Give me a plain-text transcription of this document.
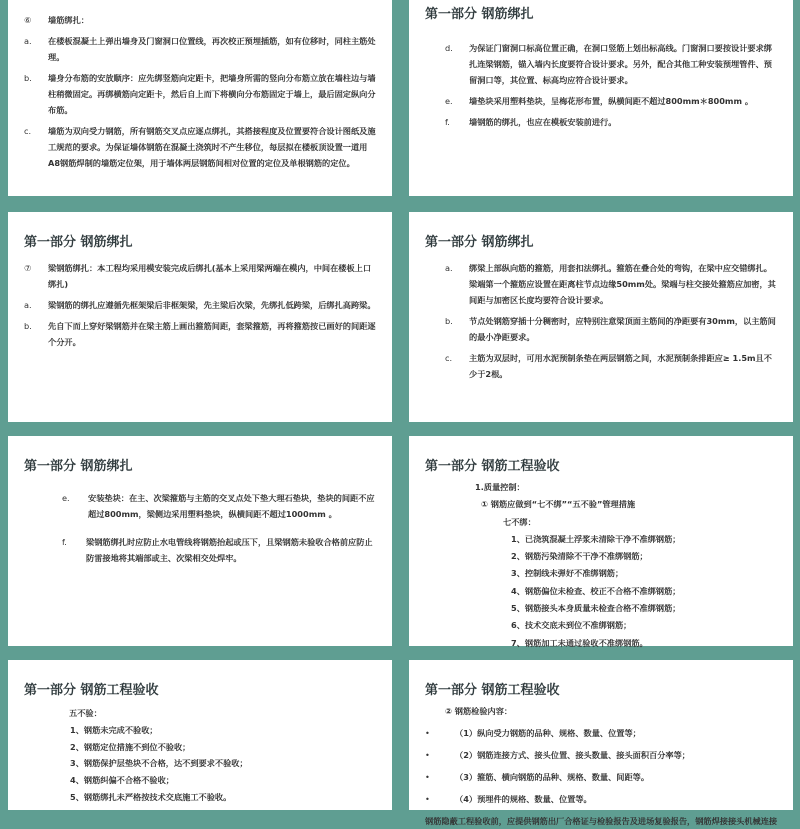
⑥	墙筋绑扎：
a.	在楼板混凝土上弹出墙身及门窗洞口位置线，再次校正预埋插筋，如有位移时，同柱主筋处理。
b.	墙身分布筋的安放顺序：应先绑竖筋向定距卡，把墙身所需的竖向分布筋立放在墙柱边与墙柱稍微固定。再绑横筋向定距卡，然后自上而下将横向分布筋固定于墙上，最后固定纵向分布筋。
c.	墙筋为双向受力钢筋，所有钢筋交叉点应逐点绑扎，其搭接程度及位置要符合设计图纸及施工规范的要求。为保证墙体钢筋在混凝土浇筑时不产生移位，每层拟在楼板顶设置一道用A8钢筋焊制的墙筋定位架，用于墙体两层钢筋间相对位置的定位及单根钢筋的定位。
第一部分 钢筋绑扎
d.	为保证门窗洞口标高位置正确，在洞口竖筋上划出标高线。门窗洞口要按设计要求绑扎连梁钢筋，锚入墙内长度要符合设计要求。另外，配合其他工种安装预埋管件、预留洞口等，其位置、标高均应符合设计要求。
e.	墙垫块采用塑料垫块，呈梅花形布置，纵横间距不超过800mm＊800mm 。
f.	墙钢筋的绑扎，也应在模板安装前进行。
第一部分 钢筋绑扎
⑦	梁钢筋绑扎：本工程均采用模安装完成后绑扎(基本上采用梁两端在模内，中间在楼板上口绑扎)
a.	梁钢筋的绑扎应遵循先框架梁后非框架梁，先主梁后次梁，先绑扎低跨梁，后绑扎高跨梁。
b.	先自下而上穿好梁钢筋并在梁主筋上画出箍筋间距，套梁箍筋，再将箍筋按已画好的间距逐个分开。
第一部分 钢筋绑扎
a.	绑梁上部纵向筋的箍筋，用套扣法绑扎。箍筋在叠合处的弯钩，在梁中应交错绑扎。梁端第一个箍筋应设置在距离柱节点边缘50mm处。梁端与柱交接处箍筋应加密，其间距与加密区长度均要符合设计要求。
b.	节点处钢筋穿插十分稠密时，应特别注意梁顶面主筋间的净距要有30mm，以主筋间的最小净距要求。
c.	主筋为双层时，可用水泥预制条垫在两层钢筋之间，水泥预制条排距应≥ 1.5m且不少于2根。
第一部分 钢筋绑扎
e.	安装垫块：在主、次梁箍筋与主筋的交叉点处下垫大理石垫块，垫块的间距不应超过800mm，梁侧边采用塑料垫块，纵横间距不超过1000mm 。
f.	梁钢筋绑扎时应防止水电管线将钢筋抬起或压下，且梁钢筋未验收合格前应防止防雷接地将其端部或主、次梁相交处焊牢。
第一部分 钢筋工程验收
1.质量控制：
① 钢筋应做到“七不绑”“五不验”管理措施
七不绑：
1、已浇筑混凝土浮浆未清除干净不准绑钢筋；
2、钢筋污染清除不干净不准绑钢筋；
3、控制线未弹好不准绑钢筋；
4、钢筋偏位未检查、校正不合格不准绑钢筋；
5、钢筋接头本身质量未检查合格不准绑钢筋；
6、技术交底未到位不准绑钢筋；
7、钢筋加工未通过验收不准绑钢筋。
第一部分 钢筋工程验收
五不验：
1、钢筋未完成不验收；
2、钢筋定位措施不到位不验收；
3、钢筋保护层垫块不合格，达不到要求不验收；
4、钢筋纠偏不合格不验收；
5、钢筋绑扎未严格按技术交底施工不验收。
第一部分 钢筋工程验收
② 钢筋检验内容：
•	（1）纵向受力钢筋的品种、规格、数量、位置等；
•	（2）钢筋连接方式、接头位置、接头数量、接头面积百分率等；
•	（3）箍筋、横向钢筋的品种、规格、数量、间距等。
•	（4）预埋件的规格、数量、位置等。
钢筋隐蔽工程验收前，应提供钢筋出厂合格证与检验报告及进场复验报告，钢筋焊接接头机械连接
